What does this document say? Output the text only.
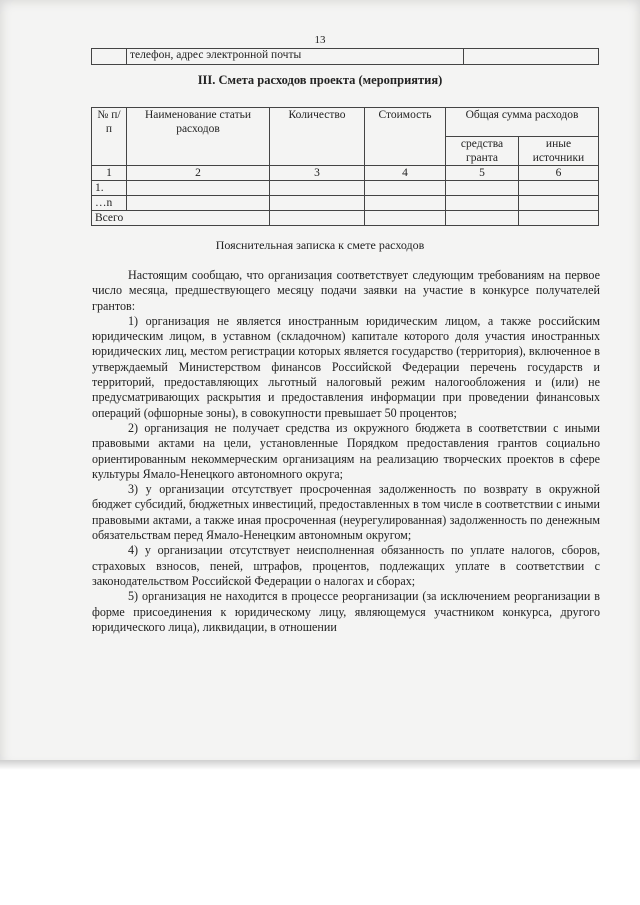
13
	телефон, адрес электронной почты	
III. Смета расходов проекта (мероприятия)
№ п/п	Наименование статьи расходов	Количество	Стоимость	Общая сумма расходов	
				средства гранта	иные источники
1	2	3	4	5	6
1.					
…n					
Всего					
Пояснительная записка к смете расходов

Настоящим сообщаю, что организация соответствует следующим требованиям на первое число месяца, предшествующего месяцу подачи заявки на участие в конкурсе получателей грантов:

1) организация не является иностранным юридическим лицом, а также российским юридическим лицом, в уставном (складочном) капитале которого доля участия иностранных юридических лиц, местом регистрации которых является государство (территория), включенное в утверждаемый Министерством финансов Российской Федерации перечень государств и территорий, предоставляющих льготный налоговый режим налогообложения и (или) не предусматривающих раскрытия и предоставления информации при проведении финансовых операций (офшорные зоны), в совокупности превышает 50 процентов;

2) организация не получает средства из окружного бюджета в соответствии с иными правовыми актами на цели, установленные Порядком предоставления грантов социально ориентированным некоммерческим организациям на реализацию творческих проектов в сфере культуры Ямало-Ненецкого автономного округа;

3) у организации отсутствует просроченная задолженность по возврату в окружной бюджет субсидий, бюджетных инвестиций, предоставленных в том числе в соответствии с иными правовыми актами, а также иная просроченная (неурегулированная) задолженность по денежным обязательствам перед Ямало-Ненецким автономным округом;

4) у организации отсутствует неисполненная обязанность по уплате налогов, сборов, страховых взносов, пеней, штрафов, процентов, подлежащих уплате в соответствии с законодательством Российской Федерации о налогах и сборах;

5) организация не находится в процессе реорганизации (за исключением реорганизации в форме присоединения к юридическому лицу, являющемуся участником конкурса, другого юридического лица), ликвидации, в отношении
